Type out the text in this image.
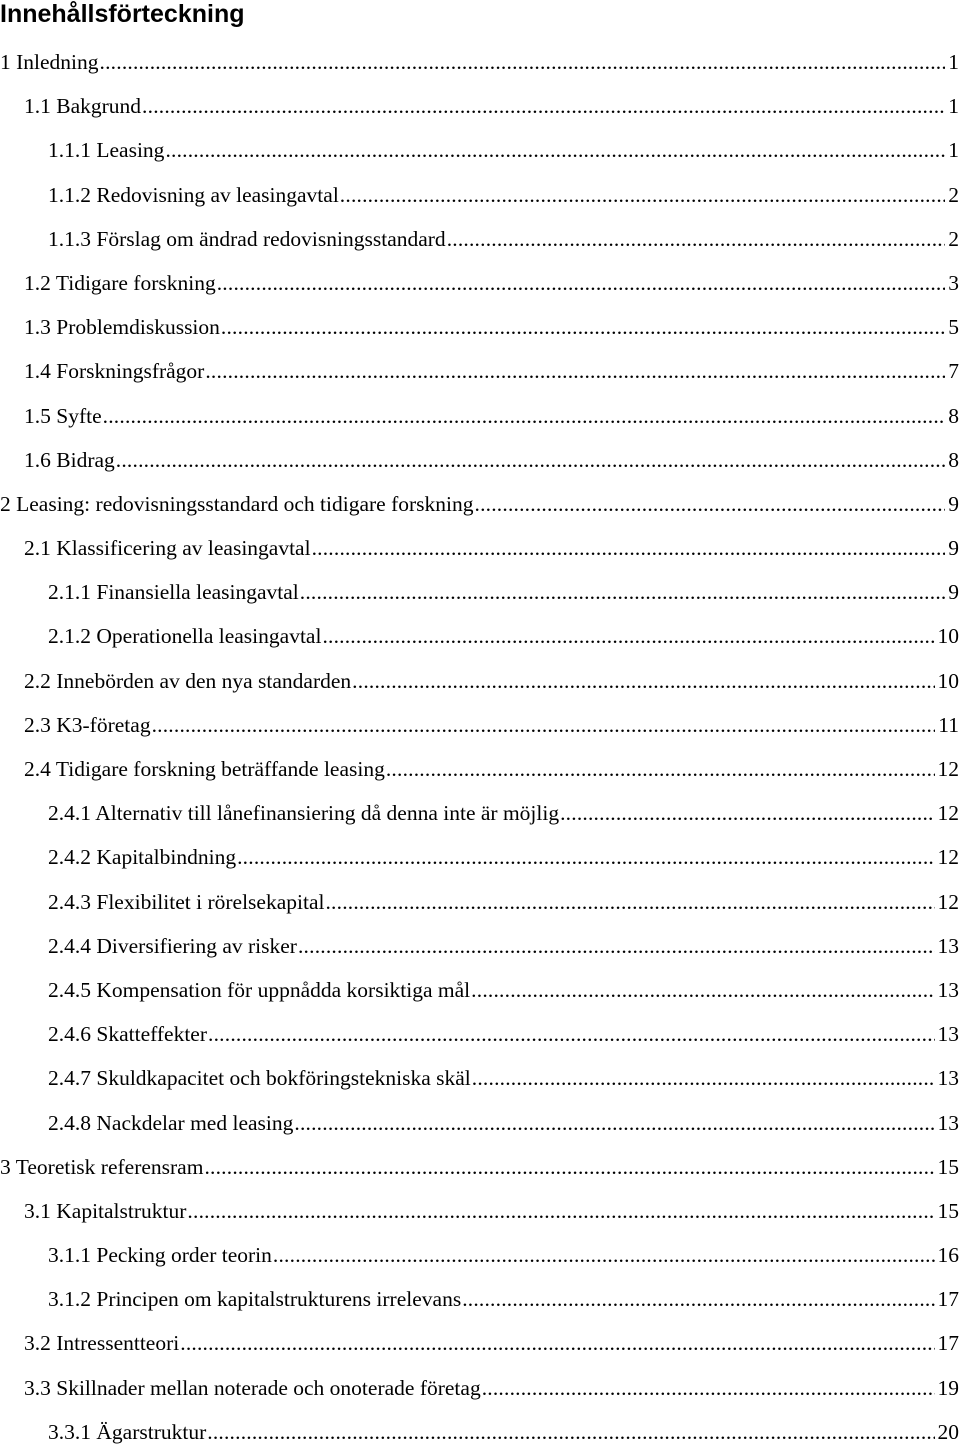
Innehållsförteckning
1 Inledning .....	1
1.1 Bakgrund .....	1
1.1.1 Leasing .....	1
1.1.2 Redovisning av leasingavtal .....	2
1.1.3 Förslag om ändrad redovisningsstandard .....	2
1.2 Tidigare forskning .....	3
1.3 Problemdiskussion .....	5
1.4 Forskningsfrågor .....	7
1.5 Syfte .....	8
1.6 Bidrag .....	8
2 Leasing: redovisningsstandard och tidigare forskning .....	9
2.1 Klassificering av leasingavtal .....	9
2.1.1 Finansiella leasingavtal .....	9
2.1.2 Operationella leasingavtal .....	10
2.2 Innebörden av den nya standarden .....	10
2.3 K3-företag .....	11
2.4 Tidigare forskning beträffande leasing .....	12
2.4.1 Alternativ till lånefinansiering då denna inte är möjlig .....	12
2.4.2 Kapitalbindning .....	12
2.4.3 Flexibilitet i rörelsekapital .....	12
2.4.4 Diversifiering av risker .....	13
2.4.5 Kompensation för uppnådda korsiktiga mål .....	13
2.4.6 Skatteffekter .....	13
2.4.7 Skuldkapacitet och bokföringstekniska skäl .....	13
2.4.8 Nackdelar med leasing .....	13
3 Teoretisk referensram .....	15
3.1 Kapitalstruktur .....	15
3.1.1 Pecking order teorin .....	16
3.1.2 Principen om kapitalstrukturens irrelevans .....	17
3.2 Intressentteori .....	17
3.3 Skillnader mellan noterade och onoterade företag .....	19
3.3.1 Ägarstruktur .....	20
